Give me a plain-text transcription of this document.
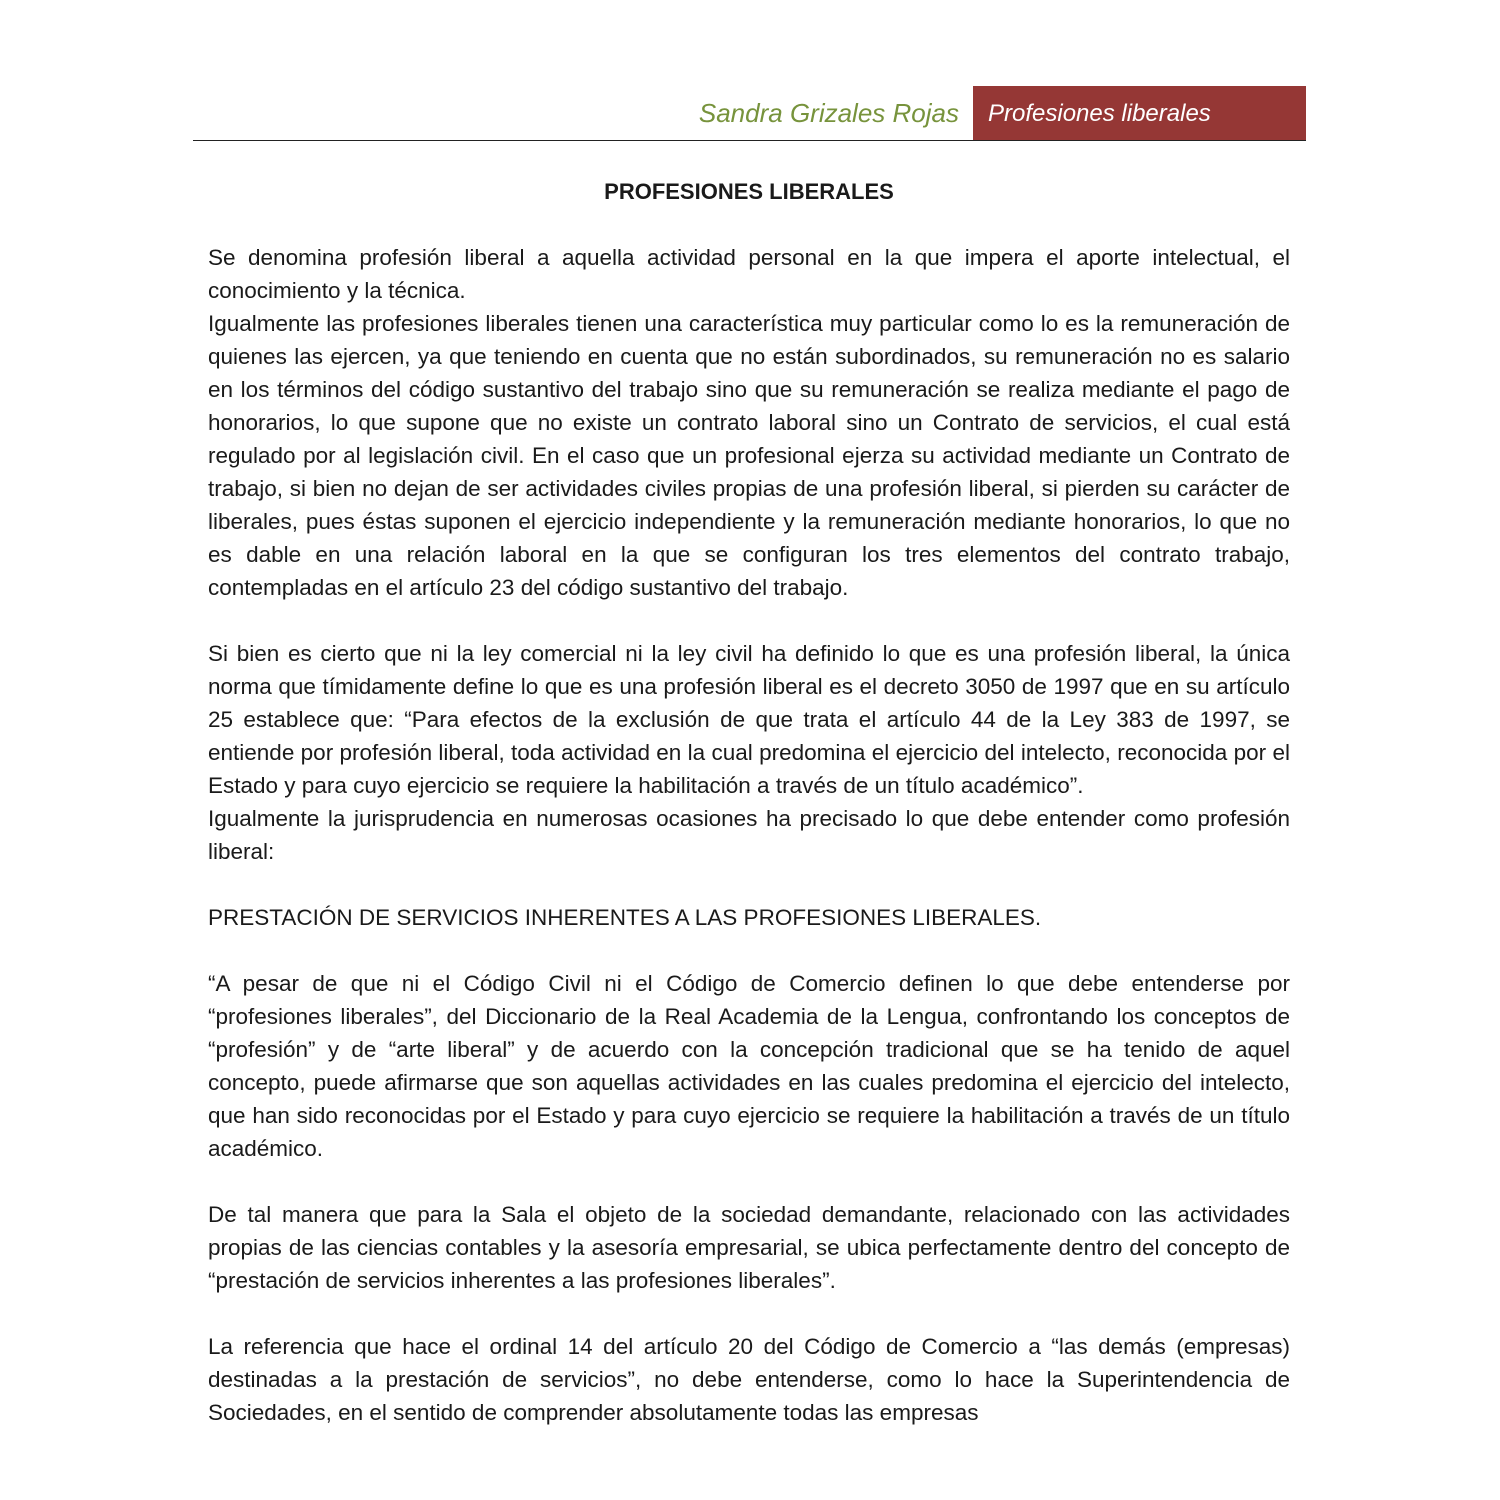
Sandra Grizales Rojas Profesiones liberales

PROFESIONES LIBERALES

Se denomina profesión liberal a aquella actividad personal en la que impera el aporte intelectual, el conocimiento y la técnica.

Igualmente las profesiones liberales tienen una característica muy particular como lo es la remuneración de quienes las ejercen, ya que teniendo en cuenta que no están subordinados, su remuneración no es salario en los términos del código sustantivo del trabajo sino que su remuneración se realiza mediante el pago de honorarios, lo que supone que no existe un contrato laboral sino un Contrato de servicios, el cual está regulado por al legislación civil. En el caso que un profesional ejerza su actividad mediante un Contrato de trabajo, si bien no dejan de ser actividades civiles propias de una profesión liberal, si pierden su carácter de liberales, pues éstas suponen el ejercicio independiente y la remuneración mediante honorarios, lo que no es dable en una relación laboral en la que se configuran los tres elementos del contrato trabajo, contempladas en el artículo 23 del código sustantivo del trabajo.

Si bien es cierto que ni la ley comercial ni la ley civil ha definido lo que es una profesión liberal, la única norma que tímidamente define lo que es una profesión liberal es el decreto 3050 de 1997 que en su artículo 25 establece que: “Para efectos de la exclusión de que trata el artículo 44 de la Ley 383 de 1997, se entiende por profesión liberal, toda actividad en la cual predomina el ejercicio del intelecto, reconocida por el Estado y para cuyo ejercicio se requiere la habilitación a través de un título académico”.

Igualmente la jurisprudencia en numerosas ocasiones ha precisado lo que debe entender como profesión liberal:

PRESTACIÓN DE SERVICIOS INHERENTES A LAS PROFESIONES LIBERALES.

“A pesar de que ni el Código Civil ni el Código de Comercio definen lo que debe entenderse por “profesiones liberales”, del Diccionario de la Real Academia de la Lengua, confrontando los conceptos de “profesión” y de “arte liberal” y de acuerdo con la concepción tradicional que se ha tenido de aquel concepto, puede afirmarse que son aquellas actividades en las cuales predomina el ejercicio del intelecto, que han sido reconocidas por el Estado y para cuyo ejercicio se requiere la habilitación a través de un título académico.

De tal manera que para la Sala el objeto de la sociedad demandante, relacionado con las actividades propias de las ciencias contables y la asesoría empresarial, se ubica perfectamente dentro del concepto de “prestación de servicios inherentes a las profesiones liberales”.

La referencia que hace el ordinal 14 del artículo 20 del Código de Comercio a “las demás (empresas) destinadas a la prestación de servicios”, no debe entenderse, como lo hace la Superintendencia de Sociedades, en el sentido de comprender absolutamente todas las empresas
